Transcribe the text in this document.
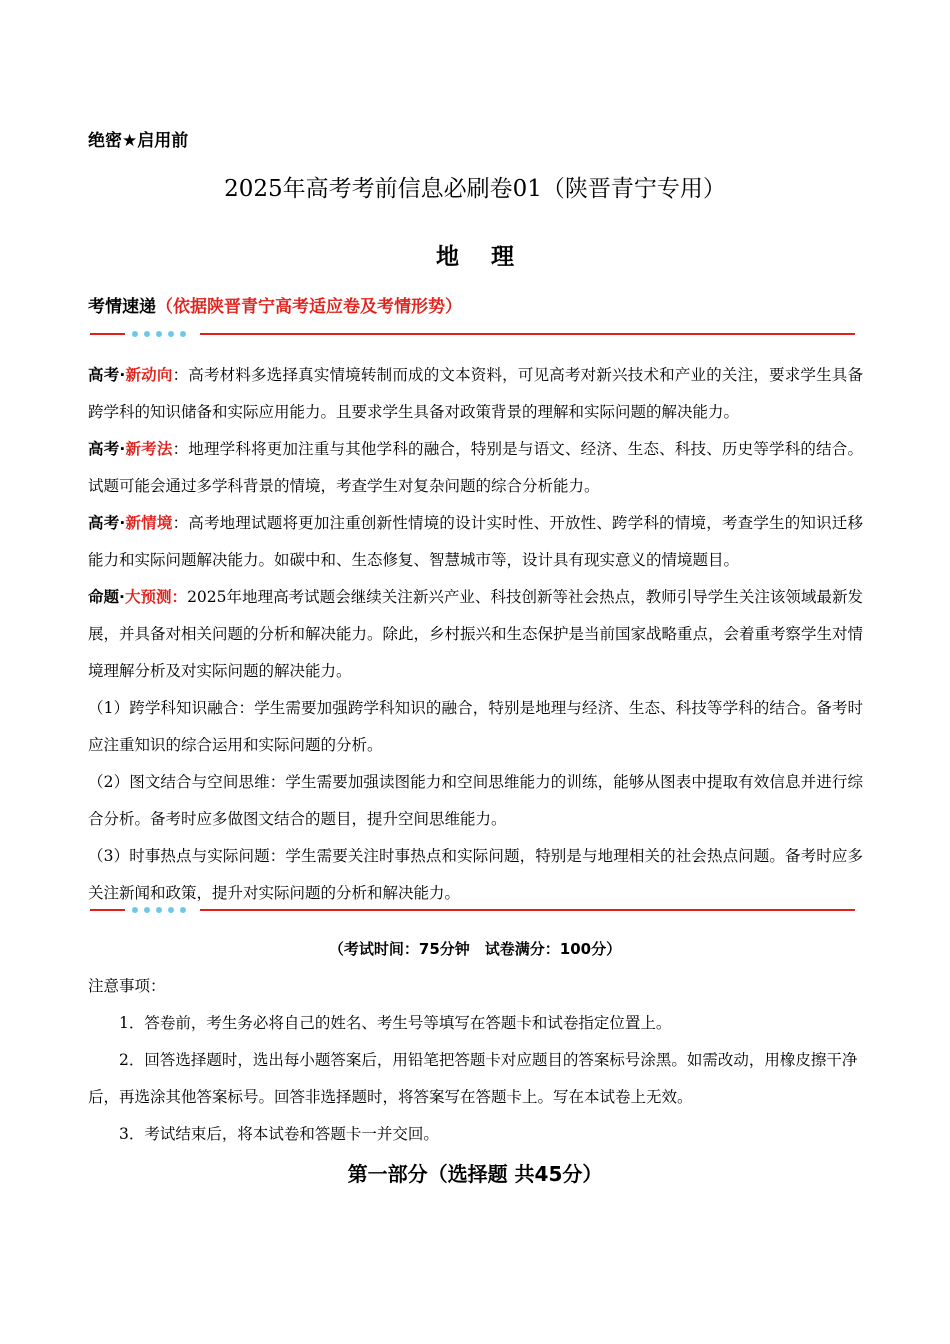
绝密★启用前
2025年高考考前信息必刷卷01（陕晋青宁专用）
地 理
考情速递（依据陕晋青宁高考适应卷及考情形势）

高考·新动向：高考材料多选择真实情境转制而成的文本资料，可见高考对新兴技术和产业的关注，要求学生具备跨学科的知识储备和实际应用能力。且要求学生具备对政策背景的理解和实际问题的解决能力。

高考·新考法：地理学科将更加注重与其他学科的融合，特别是与语文、经济、生态、科技、历史等学科的结合。试题可能会通过多学科背景的情境，考查学生对复杂问题的综合分析能力。

高考·新情境：高考地理试题将更加注重创新性情境的设计实时性、开放性、跨学科的情境，考查学生的知识迁移能力和实际问题解决能力。如碳中和、生态修复、智慧城市等，设计具有现实意义的情境题目。

命题·大预测：2025年地理高考试题会继续关注新兴产业、科技创新等社会热点，教师引导学生关注该领域最新发展，并具备对相关问题的分析和解决能力。除此，乡村振兴和生态保护是当前国家战略重点，会着重考察学生对情境理解分析及对实际问题的解决能力。

（1）跨学科知识融合：学生需要加强跨学科知识的融合，特别是地理与经济、生态、科技等学科的结合。备考时应注重知识的综合运用和实际问题的分析。

（2）图文结合与空间思维：学生需要加强读图能力和空间思维能力的训练，能够从图表中提取有效信息并进行综合分析。备考时应多做图文结合的题目，提升空间思维能力。

（3）时事热点与实际问题：学生需要关注时事热点和实际问题，特别是与地理相关的社会热点问题。备考时应多关注新闻和政策，提升对实际问题的分析和解决能力。

（考试时间：75分钟　试卷满分：100分）

注意事项：

1．答卷前，考生务必将自己的姓名、考生号等填写在答题卡和试卷指定位置上。

2．回答选择题时，选出每小题答案后，用铅笔把答题卡对应题目的答案标号涂黑。如需改动，用橡皮擦干净后，再选涂其他答案标号。回答非选择题时，将答案写在答题卡上。写在本试卷上无效。

3．考试结束后，将本试卷和答题卡一并交回。

第一部分（选择题 共45分）
